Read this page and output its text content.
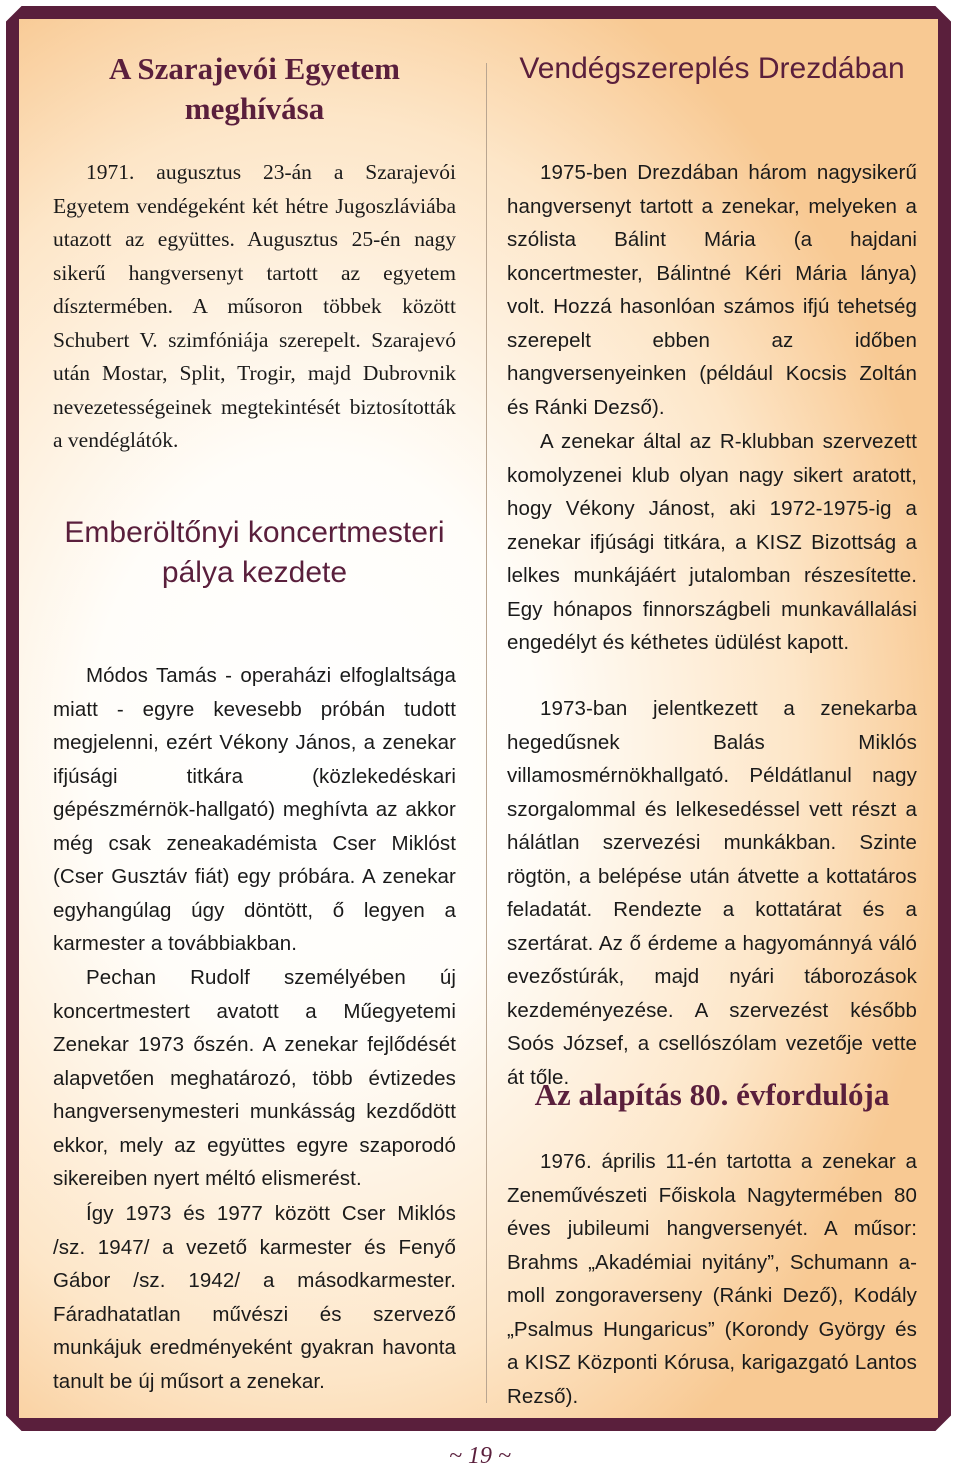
A Szarajevói Egyetem meghívása

1971. augusztus 23-án a Szarajevói Egyetem vendégeként két hétre Jugoszláviába utazott az együttes. Augusztus 25-én nagy sikerű hangversenyt tartott az egyetem dísztermében. A műsoron többek között Schubert V. szimfóniája szerepelt. Szarajevó után Mostar, Split, Trogir, majd Dubrovnik nevezetességeinek megtekintését biztosították a vendéglátók.

Emberöltőnyi koncertmesteri pálya kezdete

Módos Tamás - operaházi elfoglaltsága miatt - egyre kevesebb próbán tudott megjelenni, ezért Vékony János, a zenekar ifjúsági titkára (közlekedéskari gépészmérnök-hallgató) meghívta az akkor még csak zeneakadémista Cser Miklóst (Cser Gusztáv fiát) egy próbára. A zenekar egyhangúlag úgy döntött, ő legyen a karmester a továbbiakban.

Pechan Rudolf személyében új koncertmestert avatott a Műegyetemi Zenekar 1973 őszén. A zenekar fejlődését alapvetően meghatározó, több évtizedes hangversenymesteri munkásság kezdődött ekkor, mely az együttes egyre szaporodó sikereiben nyert méltó elismerést.

Így 1973 és 1977 között Cser Miklós /sz. 1947/ a vezető karmester és Fenyő Gábor /sz. 1942/ a másodkarmester. Fáradhatatlan művészi és szervező munkájuk eredményeként gyakran havonta tanult be új műsort a zenekar.

Vendégszereplés Drezdában

1975-ben Drezdában három nagysikerű hangversenyt tartott a zenekar, melyeken a szólista Bálint Mária (a hajdani koncertmester, Bálintné Kéri Mária lánya) volt. Hozzá hasonlóan számos ifjú tehetség szerepelt ebben az időben hangversenyeinken (például Kocsis Zoltán és Ránki Dezső).

A zenekar által az R-klubban szervezett komolyzenei klub olyan nagy sikert aratott, hogy Vékony Jánost, aki 1972-1975-ig a zenekar ifjúsági titkára, a KISZ Bizottság a lelkes munkájáért jutalomban részesítette. Egy hónapos finnországbeli munkavállalási engedélyt és kéthetes üdülést kapott.

1973-ban jelentkezett a zenekarba hegedűsnek Balás Miklós villamosmérnökhallgató. Példátlanul nagy szorgalommal és lelkesedéssel vett részt a hálátlan szervezési munkákban. Szinte rögtön, a belépése után átvette a kottatáros feladatát. Rendezte a kottatárat és a szertárat. Az ő érdeme a hagyománnyá váló evezőstúrák, majd nyári táborozások kezdeményezése. A szervezést később Soós József, a csellószólam vezetője vette át tőle.

Az alapítás 80. évfordulója

1976. április 11-én tartotta a zenekar a Zeneművészeti Főiskola Nagytermében 80 éves jubileumi hangversenyét. A műsor: Brahms „Akadémiai nyitány”, Schumann a-moll zongoraverseny (Ránki Dező), Kodály „Psalmus Hungaricus” (Korondy György és a KISZ Központi Kórusa, karigazgató Lantos Rezső).

~ 19 ~
